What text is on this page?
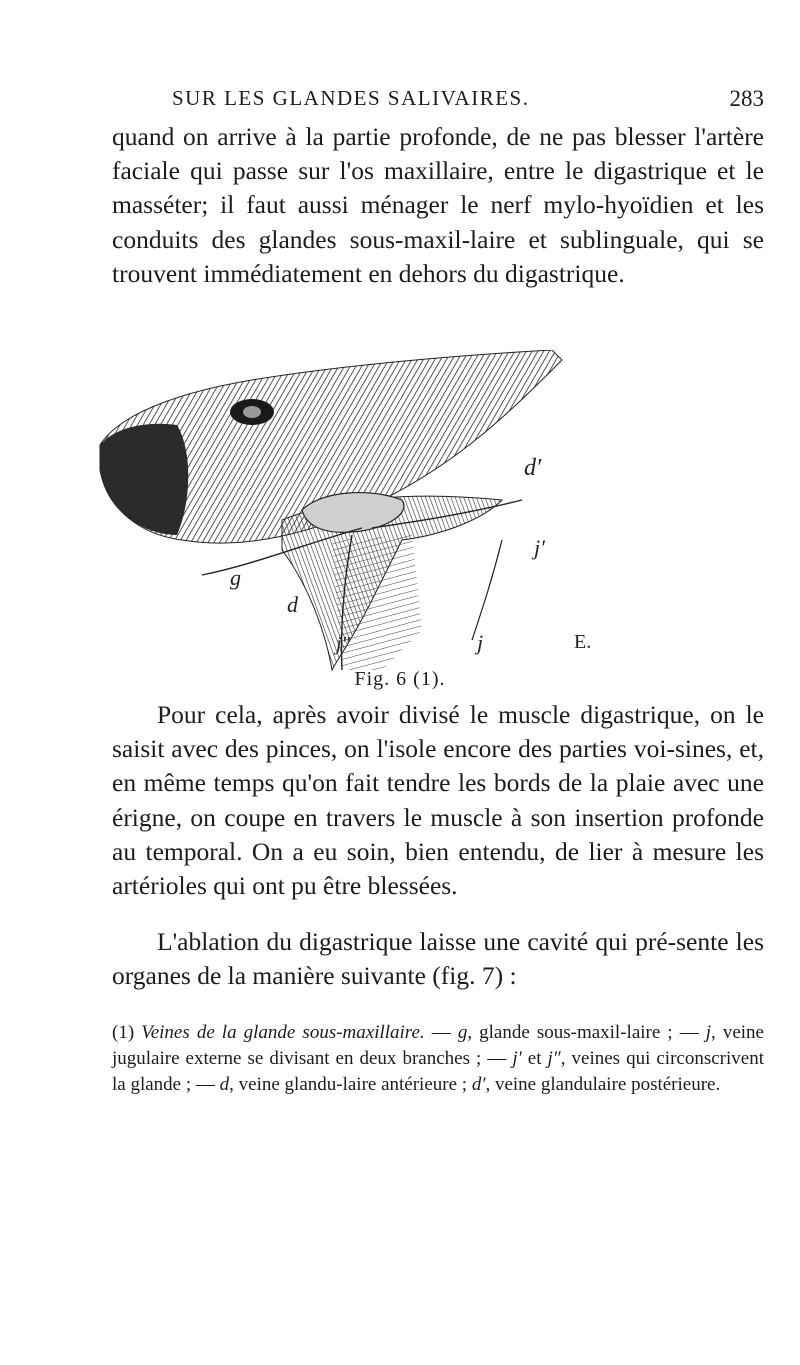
SUR LES GLANDES SALIVAIRES.	283

quand on arrive à la partie profonde, de ne pas blesser l'artère faciale qui passe sur l'os maxillaire, entre le digastrique et le masséter; il faut aussi ménager le nerf mylo-hyoïdien et les conduits des glandes sous-maxil-laire et sublinguale, qui se trouvent immédiatement en dehors du digastrique.

d′
j′
g
d
j″	j	E.
Fig. 6 (1).

Pour cela, après avoir divisé le muscle digastrique, on le saisit avec des pinces, on l'isole encore des parties voi-sines, et, en même temps qu'on fait tendre les bords de la plaie avec une érigne, on coupe en travers le muscle à son insertion profonde au temporal. On a eu soin, bien entendu, de lier à mesure les artérioles qui ont pu être blessées.

L'ablation du digastrique laisse une cavité qui pré-sente les organes de la manière suivante (fig. 7) :

(1) Veines de la glande sous-maxillaire. — g, glande sous-maxil-laire ; — j, veine jugulaire externe se divisant en deux branches ; — j′ et j″, veines qui circonscrivent la glande ; — d, veine glandu-laire antérieure ; d′, veine glandulaire postérieure.
